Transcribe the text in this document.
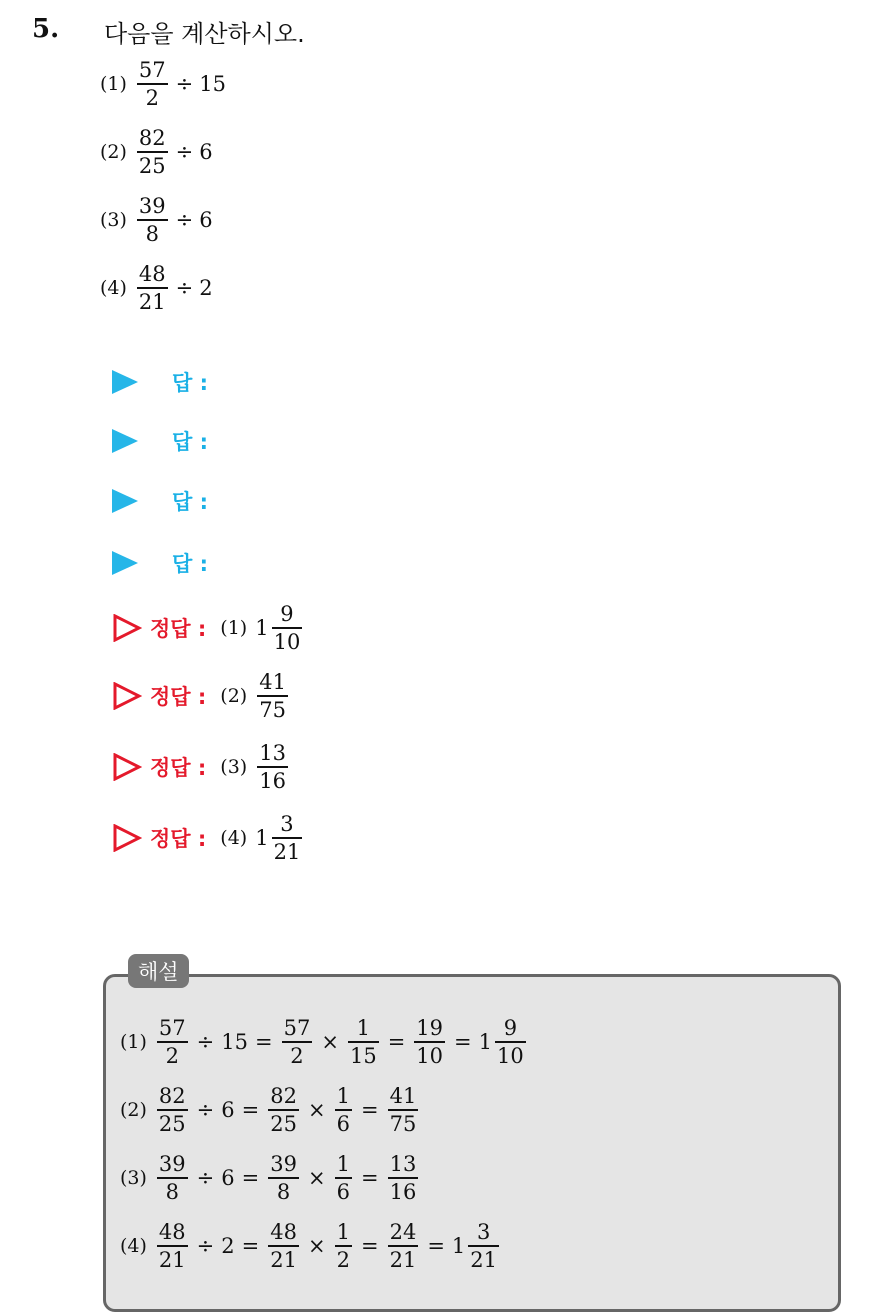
5. 다음을 계산하시오.
$(1) \frac{57}{2} \div 15$
$(2) \frac{82}{25} \div 6$
$(3) \frac{39}{8} \div 6$
$(4) \frac{48}{21} \div 2$
답 :
답 :
답 :
답 :
정답 : (1) $1 \frac{9}{10}$
정답 : $(2) \frac{41}{75}$
정답 : $(3) \frac{13}{16}$
정답 : (4) $1 \frac{3}{21}$
해설
$(1) \frac{57}{2} \div 15 = \frac{57}{2} \times \frac{1}{15} = \frac{19}{10} = 1 \frac{9}{10}$
$(2) \frac{82}{25} \div 6 = \frac{82}{25} \times \frac{1}{6} = \frac{41}{75}$
$(3) \frac{39}{8} \div 6 = \frac{39}{8} \times \frac{1}{6} = \frac{13}{16}$
$(4) \frac{48}{21} \div 2 = \frac{48}{21} \times \frac{1}{2} = \frac{24}{21} = 1 \frac{3}{21}$
